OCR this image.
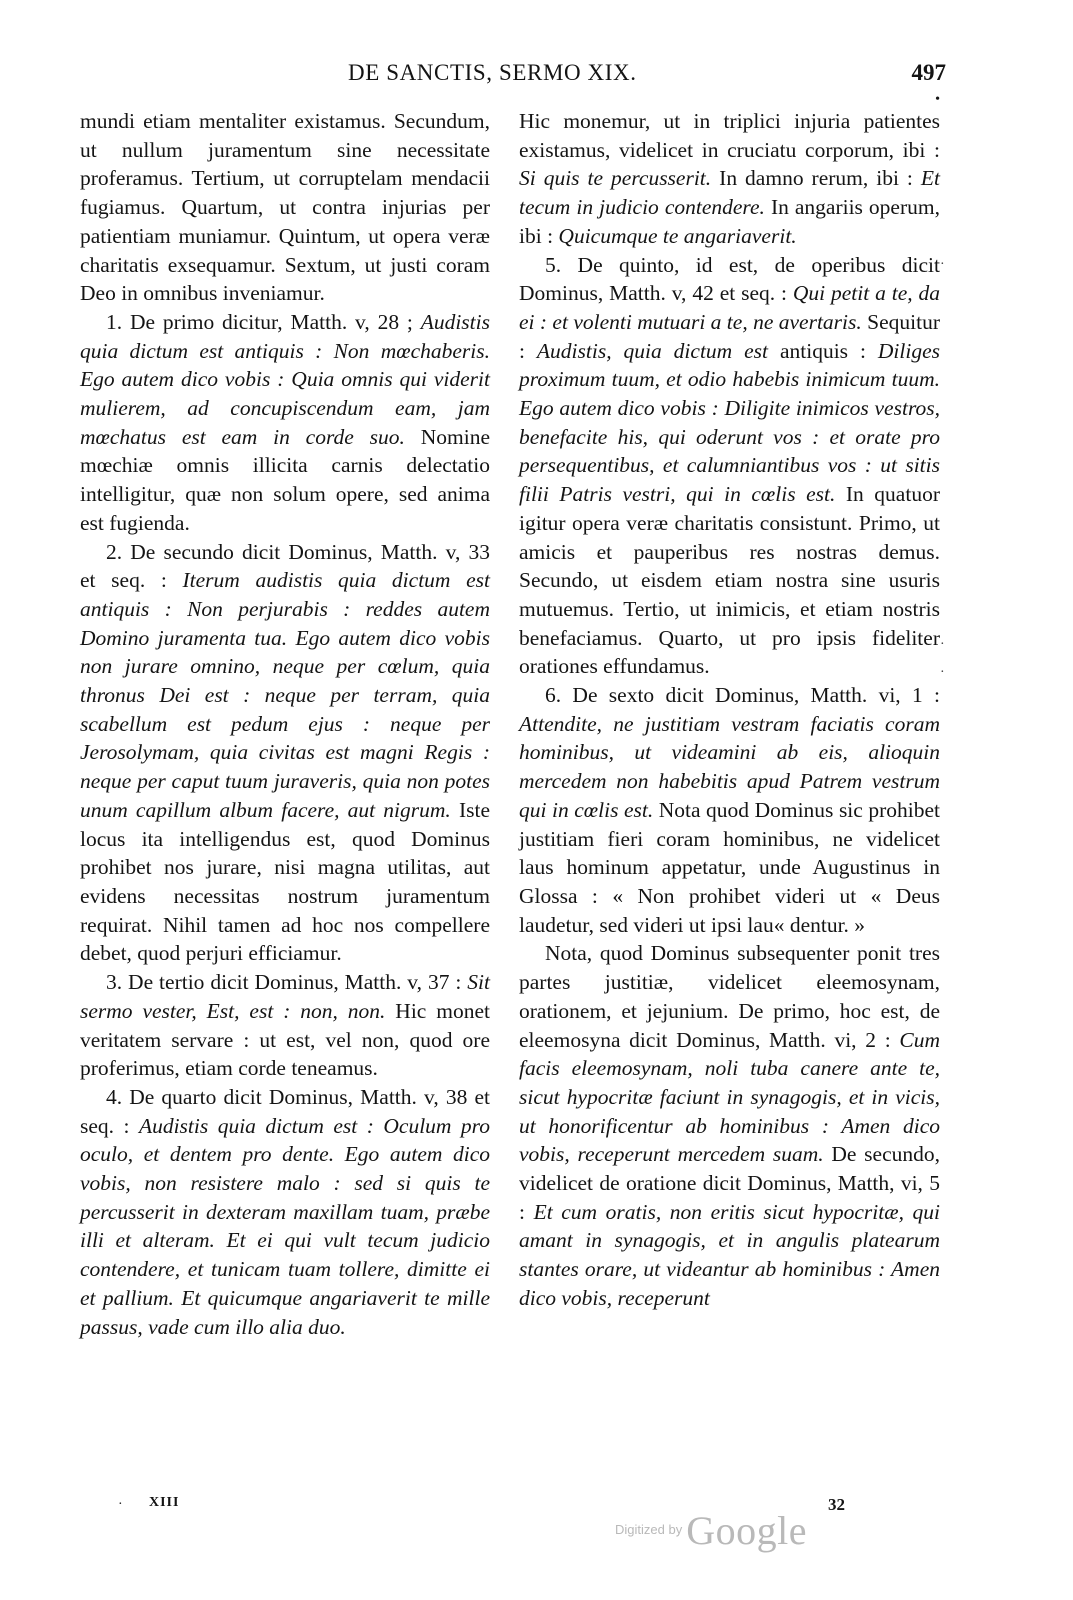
DE SANCTIS, SERMO XIX.	497
•

mundi etiam mentaliter existamus. Secundum, ut nullum juramentum sine necessitate proferamus. Tertium, ut corruptelam mendacii fugiamus. Quartum, ut contra injurias per patientiam muniamur. Quintum, ut opera veræ charitatis exsequamur. Sextum, ut justi coram Deo in omnibus inveniamur.

1. De primo dicitur, Matth. v, 28 ; Audistis quia dictum est antiquis : Non mœchaberis. Ego autem dico vobis : Quia omnis qui viderit mulierem, ad concupiscendum eam, jam mœchatus est eam in corde suo. Nomine mœchiæ omnis illicita carnis delectatio intelligitur, quæ non solum opere, sed anima est fugienda.

2. De secundo dicit Dominus, Matth. v, 33 et seq. : Iterum audistis quia dictum est antiquis : Non perjurabis : reddes autem Domino juramenta tua. Ego autem dico vobis non jurare omnino, neque per cœlum, quia thronus Dei est : neque per terram, quia scabellum est pedum ejus : neque per Jerosolymam, quia civitas est magni Regis : neque per caput tuum juraveris, quia non potes unum capillum album facere, aut nigrum. Iste locus ita intelligendus est, quod Dominus prohibet nos jurare, nisi magna utilitas, aut evidens necessitas nostrum juramentum requirat. Nihil tamen ad hoc nos compellere debet, quod perjuri efficiamur.

3. De tertio dicit Dominus, Matth. v, 37 : Sit sermo vester, Est, est : non, non. Hic monet veritatem servare : ut est, vel non, quod ore proferimus, etiam corde teneamus.

4. De quarto dicit Dominus, Matth. v, 38 et seq. : Audistis quia dictum est : Oculum pro oculo, et dentem pro dente. Ego autem dico vobis, non resistere malo : sed si quis te percusserit in dexteram maxillam tuam, præbe illi et alteram. Et ei qui vult tecum judicio contendere, et tunicam tuam tollere, dimitte ei et pallium. Et quicumque angariaverit te mille passus, vade cum illo alia duo.

Hic monemur, ut in triplici injuria patientes existamus, videlicet in cruciatu corporum, ibi : Si quis te percusserit. In damno rerum, ibi : Et tecum in judicio contendere. In angariis operum, ibi : Quicumque te angariaverit.

5. De quinto, id est, de operibus dicit Dominus, Matth. v, 42 et seq. : Qui petit a te, da ei : et volenti mutuari a te, ne avertaris. Sequitur : Audistis, quia dictum est antiquis : Diliges proximum tuum, et odio habebis inimicum tuum. Ego autem dico vobis : Diligite inimicos vestros, benefacite his, qui oderunt vos : et orate pro persequentibus, et calumniantibus vos : ut sitis filii Patris vestri, qui in cœlis est. In quatuor igitur opera veræ charitatis consistunt. Primo, ut amicis et pauperibus res nostras demus. Secundo, ut eisdem etiam nostra sine usuris mutuemus. Tertio, ut inimicis, et etiam nostris benefaciamus. Quarto, ut pro ipsis fideliter orationes effundamus.

6. De sexto dicit Dominus, Matth. vi, 1 : Attendite, ne justitiam vestram faciatis coram hominibus, ut videamini ab eis, alioquin mercedem non habebitis apud Patrem vestrum qui in cœlis est. Nota quod Dominus sic prohibet justitiam fieri coram hominibus, ne videlicet laus hominum appetatur, unde Augustinus in Glossa : « Non prohibet videri ut « Deus laudetur, sed videri ut ipsi lau« dentur. »

Nota, quod Dominus subsequenter ponit tres partes justitiæ, videlicet eleemosynam, orationem, et jejunium. De primo, hoc est, de eleemosyna dicit Dominus, Matth. vi, 2 : Cum facis eleemosynam, noli tuba canere ante te, sicut hypocritæ faciunt in synagogis, et in vicis, ut honorificentur ab hominibus : Amen dico vobis, receperunt mercedem suam. De secundo, videlicet de oratione dicit Dominus, Matth, vi, 5 : Et cum oratis, non eritis sicut hypocritæ, qui amant in synagogis, et in angulis platearum stantes orare, ut videantur ab hominibus : Amen dico vobis, receperunt

·
·
·
· XIII	32
$^{Digitized by}$ Google
